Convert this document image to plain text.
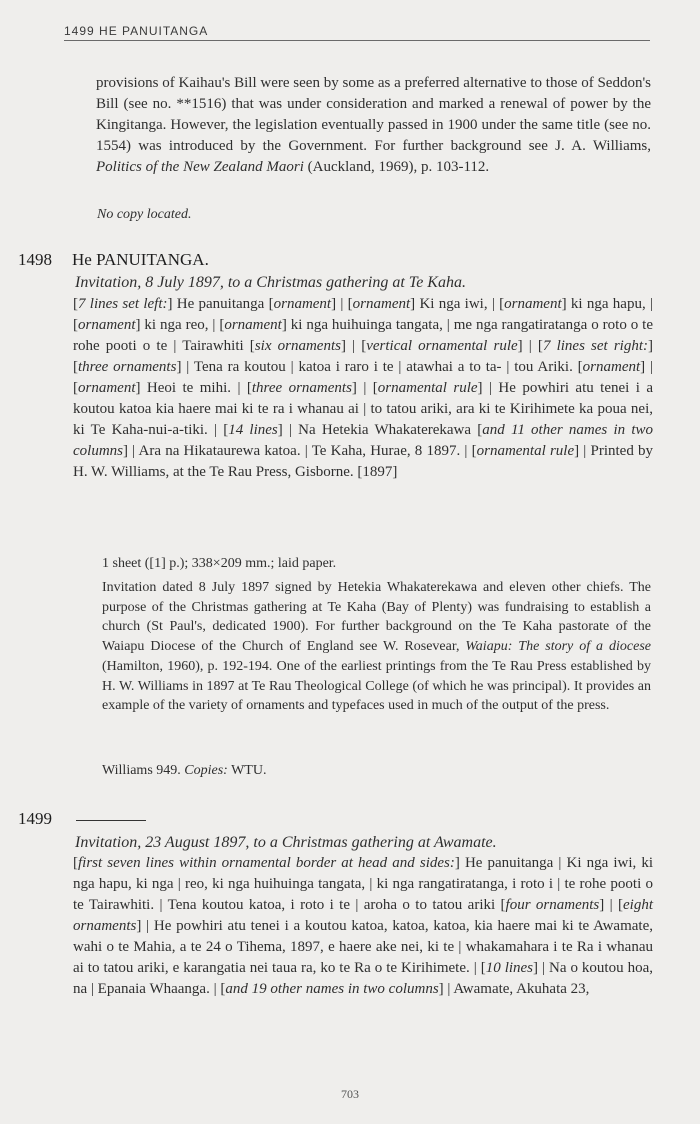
1499 HE PANUITANGA
provisions of Kaihau's Bill were seen by some as a preferred alternative to those of Seddon's Bill (see no. **1516) that was under consideration and marked a renewal of power by the Kingitanga. However, the legislation eventually passed in 1900 under the same title (see no. 1554) was introduced by the Government. For further background see J. A. Williams, Politics of the New Zealand Maori (Auckland, 1969), p. 103-112.
No copy located.
1498 He PANUITANGA.
Invitation, 8 July 1897, to a Christmas gathering at Te Kaha.
[7 lines set left:] He panuitanga [ornament] | [ornament] Ki nga iwi, | [ornament] ki nga hapu, | [ornament] ki nga reo, | [ornament] ki nga huihuinga tangata, | me nga rangatiratanga o roto o te rohe pooti o te | Tairawhiti [six ornaments] | [vertical ornamental rule] | [7 lines set right:] [three ornaments] | Tena ra koutou | katoa i raro i te | atawhai a to ta- | tou Ariki. [ornament] | [ornament] Heoi te mihi. | [three ornaments] | [ornamental rule] | He powhiri atu tenei i a koutou katoa kia haere mai ki te ra i whanau ai | to tatou ariki, ara ki te Kirihimete ka poua nei, ki Te Kaha-nui-a-tiki. | [14 lines] | Na Hetekia Whakaterekawa [and 11 other names in two columns] | Ara na Hikataurewa katoa. | Te Kaha, Hurae, 8 1897. | [ornamental rule] | Printed by H. W. Williams, at the Te Rau Press, Gisborne. [1897]
1 sheet ([1] p.); 338×209 mm.; laid paper.
Invitation dated 8 July 1897 signed by Hetekia Whakaterekawa and eleven other chiefs. The purpose of the Christmas gathering at Te Kaha (Bay of Plenty) was fundraising to establish a church (St Paul's, dedicated 1900). For further background on the Te Kaha pastorate of the Waiapu Diocese of the Church of England see W. Rosevear, Waiapu: The story of a diocese (Hamilton, 1960), p. 192-194. One of the earliest printings from the Te Rau Press established by H. W. Williams in 1897 at Te Rau Theological College (of which he was principal). It provides an example of the variety of ornaments and typefaces used in much of the output of the press.
Williams 949. Copies: WTU.
1499
Invitation, 23 August 1897, to a Christmas gathering at Awamate.
[first seven lines within ornamental border at head and sides:] He panuitanga | Ki nga iwi, ki nga hapu, ki nga | reo, ki nga huihuinga tangata, | ki nga rangatiratanga, i roto i | te rohe pooti o te Tairawhiti. | Tena koutou katoa, i roto i te | aroha o to tatou ariki [four ornaments] | [eight ornaments] | He powhiri atu tenei i a koutou katoa, katoa, katoa, kia haere mai ki te Awamate, wahi o te Mahia, a te 24 o Tihema, 1897, e haere ake nei, ki te | whakamahara i te Ra i whanau ai to tatou ariki, e karangatia nei taua ra, ko te Ra o te Kirihimete. | [10 lines] | Na o koutou hoa, na | Epanaia Whaanga. | [and 19 other names in two columns] | Awamate, Akuhata 23,
703
